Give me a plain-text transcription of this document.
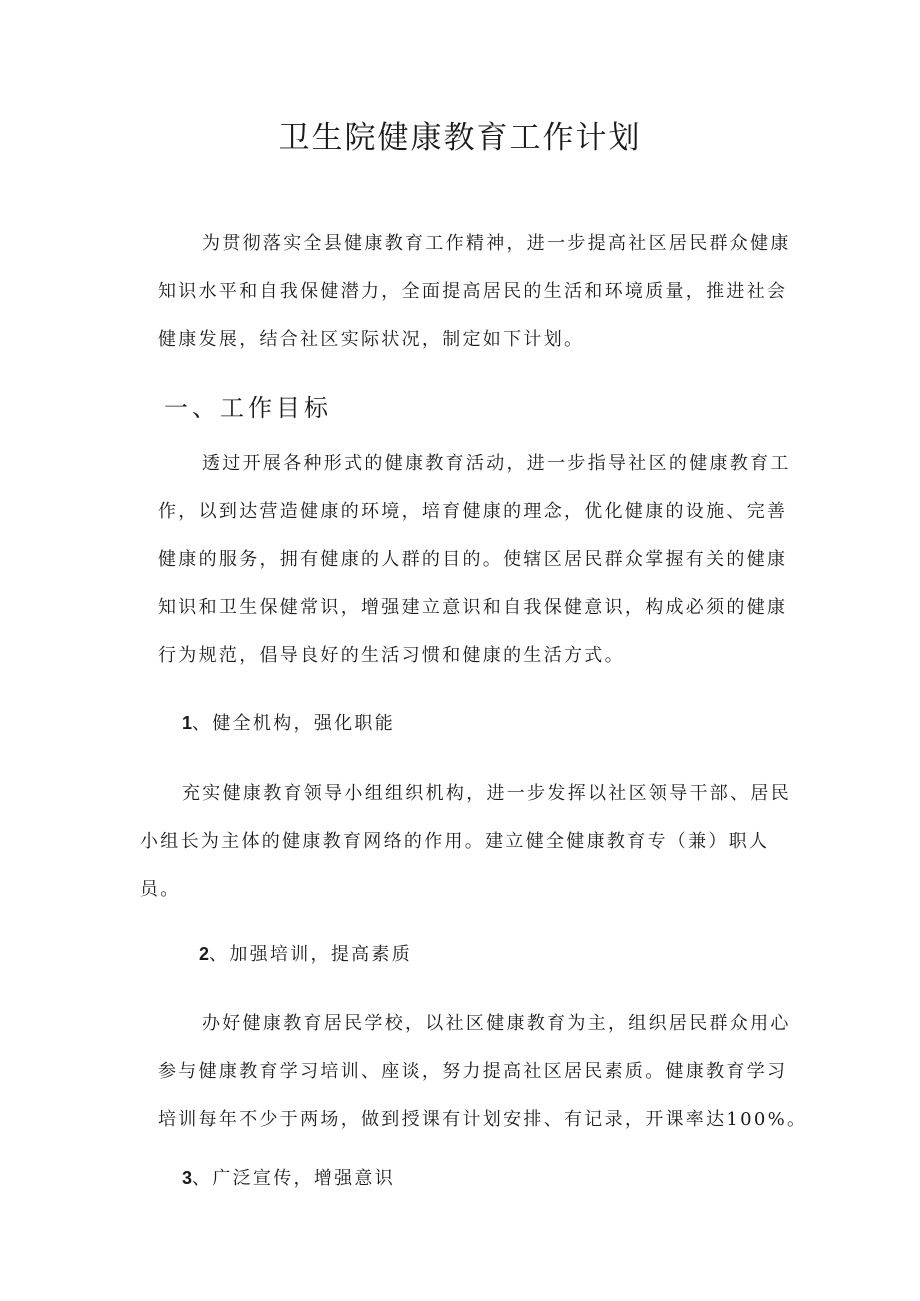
卫生院健康教育工作计划
为贯彻落实全县健康教育工作精神，进一步提高社区居民群众健康
知识水平和自我保健潜力，全面提高居民的生活和环境质量，推进社会
健康发展，结合社区实际状况，制定如下计划。
一、工作目标
透过开展各种形式的健康教育活动，进一步指导社区的健康教育工
作，以到达营造健康的环境，培育健康的理念，优化健康的设施、完善
健康的服务，拥有健康的人群的目的。使辖区居民群众掌握有关的健康
知识和卫生保健常识，增强建立意识和自我保健意识，构成必须的健康
行为规范，倡导良好的生活习惯和健康的生活方式。
1、健全机构，强化职能
充实健康教育领导小组组织机构，进一步发挥以社区领导干部、居民
小组长为主体的健康教育网络的作用。建立健全健康教育专（兼）职人
员。
2、加强培训，提高素质
办好健康教育居民学校，以社区健康教育为主，组织居民群众用心
参与健康教育学习培训、座谈，努力提高社区居民素质。健康教育学习
培训每年不少于两场，做到授课有计划安排、有记录，开课率达100%。
3、广泛宣传，增强意识
